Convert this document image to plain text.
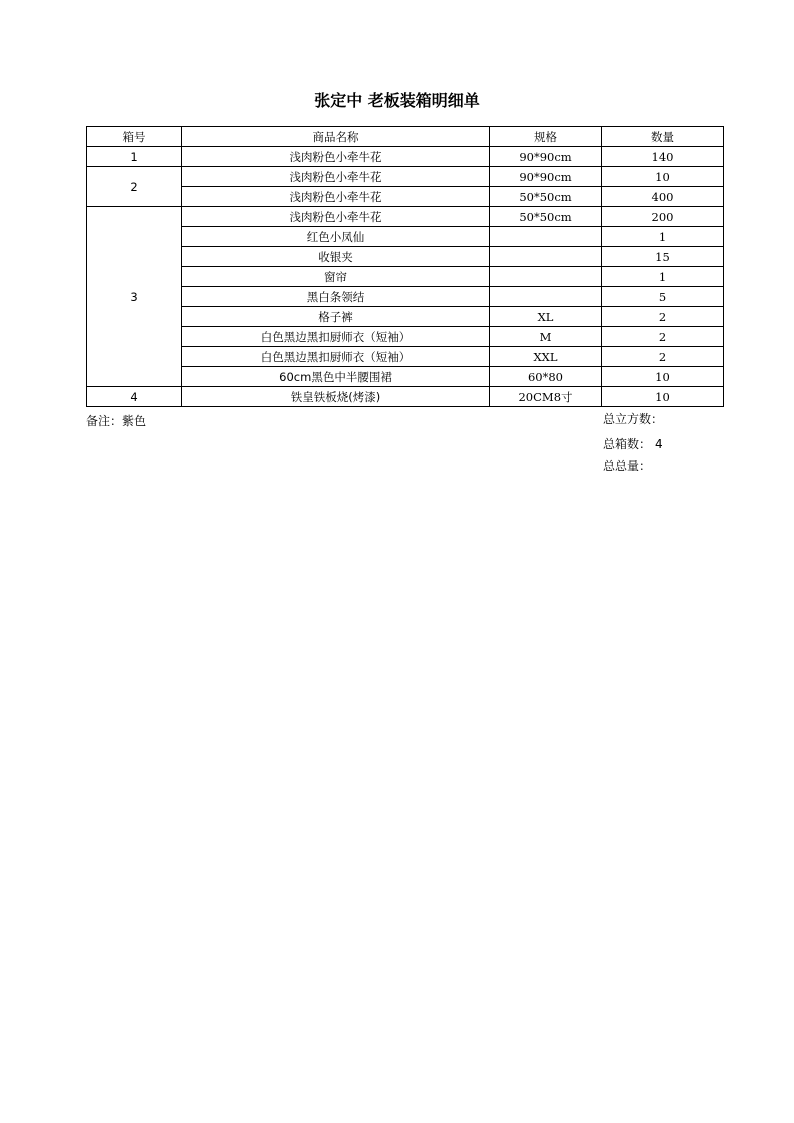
张定中 老板装箱明细单
箱号	商品名称	规格	数量
1	浅肉粉色小牵牛花	90*90cm	140
2	浅肉粉色小牵牛花	90*90cm	10
	浅肉粉色小牵牛花	50*50cm	400
3	浅肉粉色小牵牛花	50*50cm	200
	红色小凤仙		1
	收银夹		15
	窗帘		1
	黑白条领结		5
	格子裤	XL	2
	白色黑边黑扣厨师衣（短袖）	M	2
	白色黑边黑扣厨师衣（短袖）	XXL	2
	60cm黑色中半腰围裙	60*80	10
4	铁皇铁板烧(烤漆)	20CM8寸	10
备注：紫色	总立方数：
总箱数： 4
总总量：
